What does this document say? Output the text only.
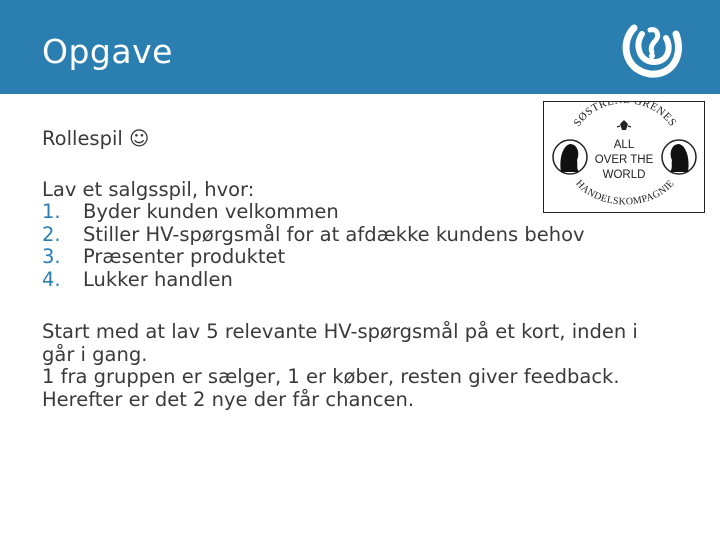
Opgave
SØSTR RENES
HANDELSKOMPAGNIE
ALL
OVER THE
WORLD

Rollespil ☺

Lav et salgsspil, hvor:

1. Byder kunden velkommen
2. Stiller HV-spørgsmål for at afdække kundens behov
3. Præsenter produktet
4. Lukker handlen

Start med at lav 5 relevante HV-spørgsmål på et kort, inden i går i gang.

1 fra gruppen er sælger, 1 er køber, resten giver feedback. Herefter er det 2 nye der får chancen.
